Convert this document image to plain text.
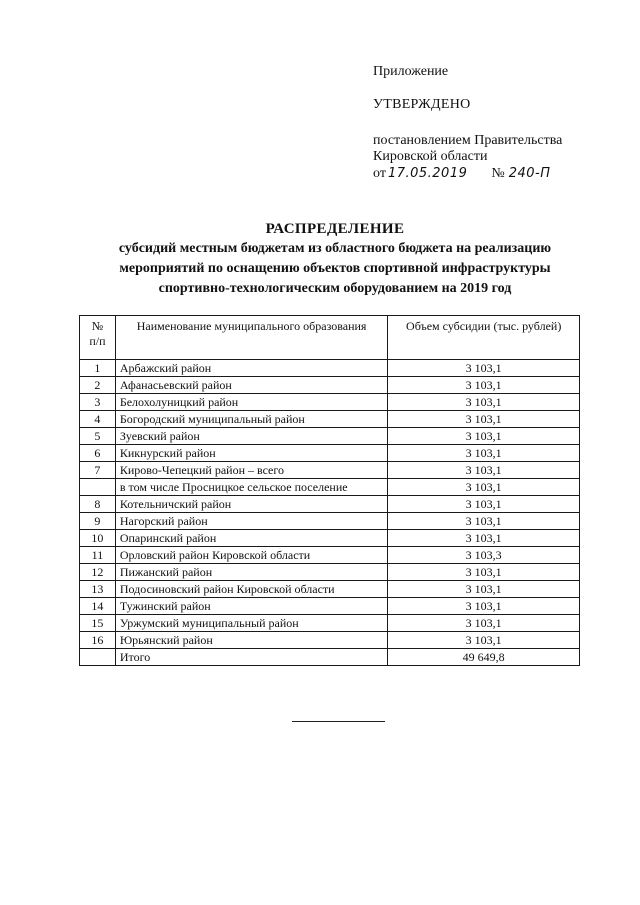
Приложение
УТВЕРЖДЕНО
постановлением Правительства
Кировской области
от 17.05.2019 № 240-П
РАСПРЕДЕЛЕНИЕ
субсидий местным бюджетам из областного бюджета на реализацию
мероприятий по оснащению объектов спортивной инфраструктуры
спортивно-технологическим оборудованием на 2019 год
№
п/п	Наименование муниципального образования	Объем субсидии (тыс. рублей)
1	Арбажский район	3 103,1
2	Афанасьевский район	3 103,1
3	Белохолуницкий район	3 103,1
4	Богородский муниципальный район	3 103,1
5	Зуевский район	3 103,1
6	Кикнурский район	3 103,1
7	Кирово-Чепецкий район – всего	3 103,1
	в том числе Просницкое сельское поселение	3 103,1
8	Котельничский район	3 103,1
9	Нагорский район	3 103,1
10	Опаринский район	3 103,1
11	Орловский район Кировской области	3 103,3
12	Пижанский район	3 103,1
13	Подосиновский район Кировской области	3 103,1
14	Тужинский район	3 103,1
15	Уржумский муниципальный район	3 103,1
16	Юрьянский район	3 103,1
	Итого	49 649,8
